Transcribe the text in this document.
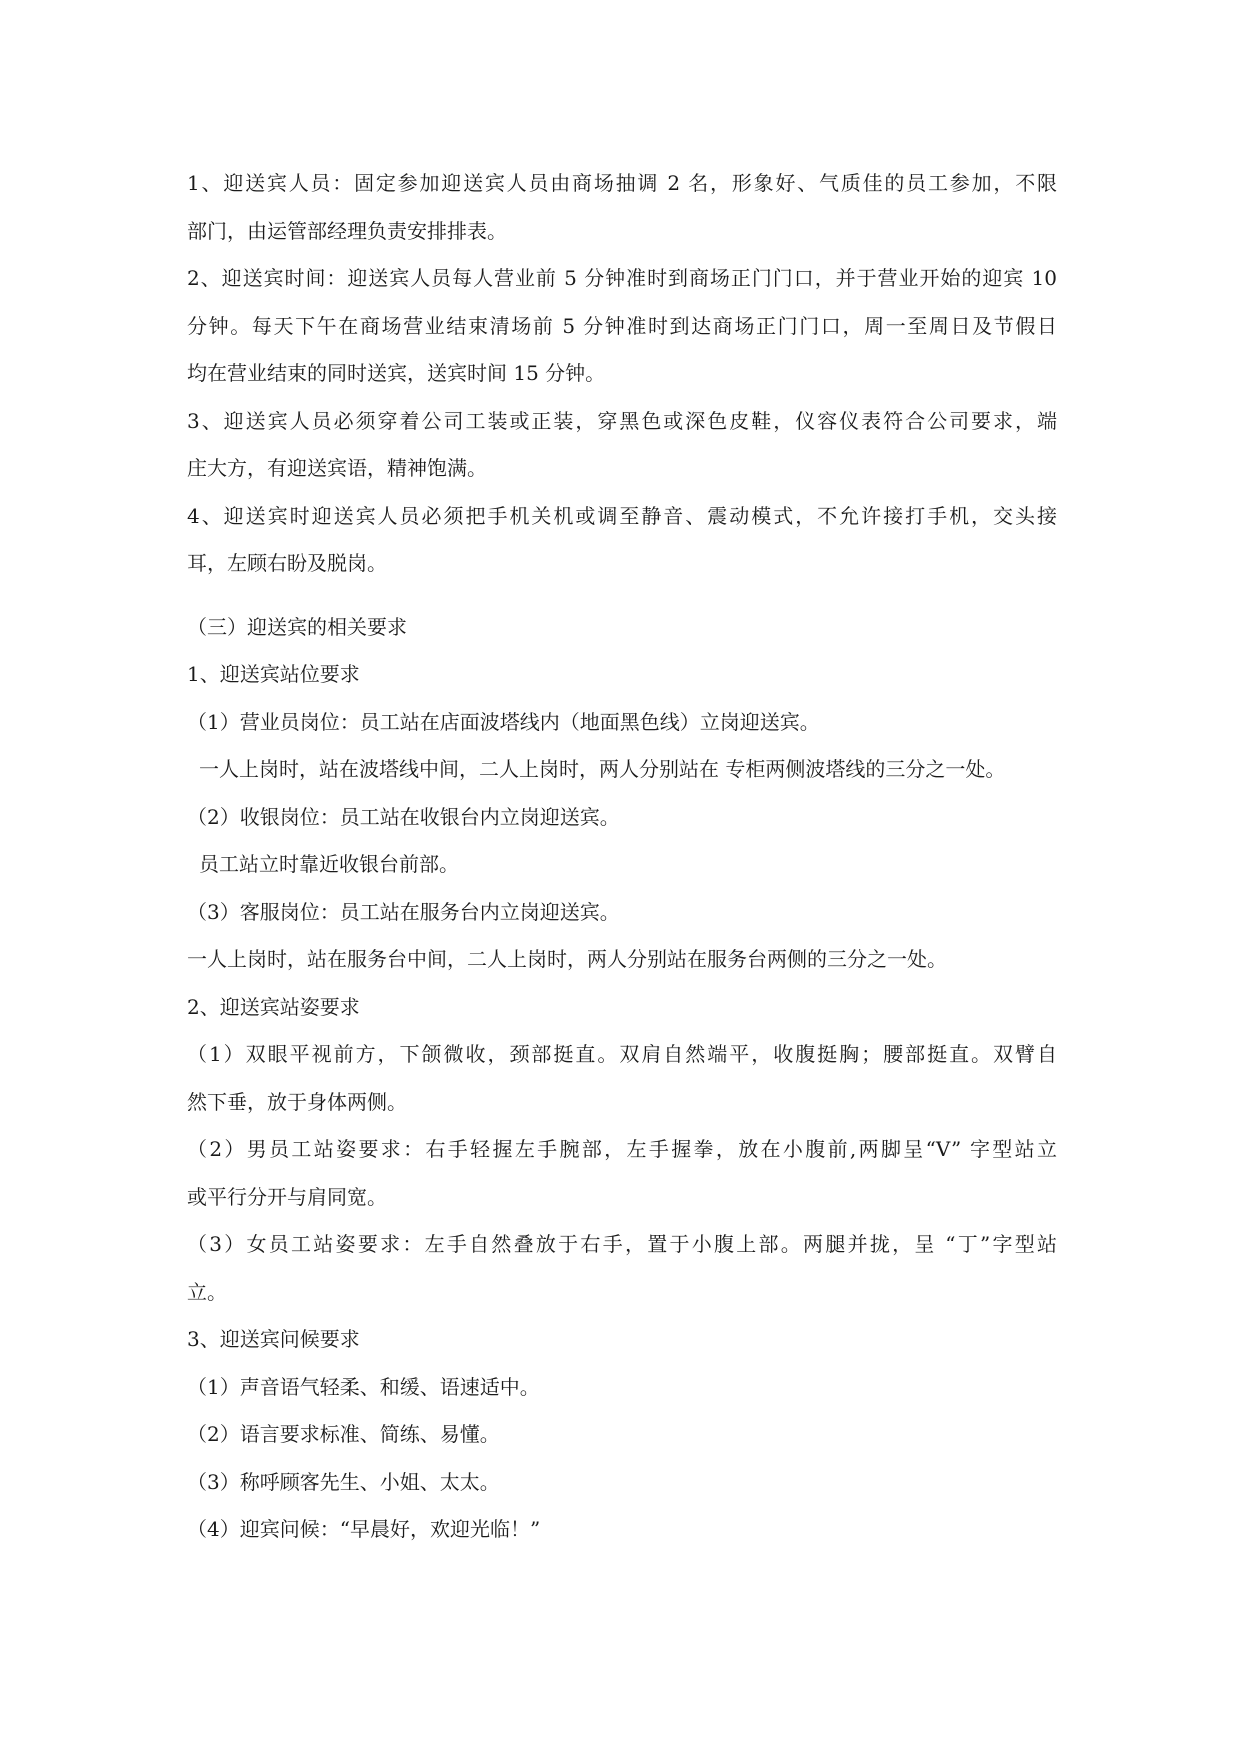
1、迎送宾人员：固定参加迎送宾人员由商场抽调 2 名，形象好、气质佳的员工参加，不限
部门，由运管部经理负责安排排表。
2、迎送宾时间：迎送宾人员每人营业前 5 分钟准时到商场正门门口，并于营业开始的迎宾 10
分钟。每天下午在商场营业结束清场前 5 分钟准时到达商场正门门口，周一至周日及节假日
均在营业结束的同时送宾，送宾时间 15 分钟。
3、迎送宾人员必须穿着公司工装或正装，穿黑色或深色皮鞋，仪容仪表符合公司要求，端
庄大方，有迎送宾语，精神饱满。
4、迎送宾时迎送宾人员必须把手机关机或调至静音、震动模式，不允许接打手机，交头接
耳，左顾右盼及脱岗。
（三）迎送宾的相关要求
1、迎送宾站位要求
（1）营业员岗位：员工站在店面波塔线内（地面黑色线）立岗迎送宾。
一人上岗时，站在波塔线中间，二人上岗时，两人分别站在 专柜两侧波塔线的三分之一处。
（2）收银岗位：员工站在收银台内立岗迎送宾。
员工站立时靠近收银台前部。
（3）客服岗位：员工站在服务台内立岗迎送宾。
一人上岗时，站在服务台中间，二人上岗时，两人分别站在服务台两侧的三分之一处。
2、迎送宾站姿要求
（1）双眼平视前方，下颌微收，颈部挺直。双肩自然端平，收腹挺胸；腰部挺直。双臂自
然下垂，放于身体两侧。
（2）男员工站姿要求：右手轻握左手腕部，左手握拳，放在小腹前,两脚呈“V” 字型站立
或平行分开与肩同宽。
（3）女员工站姿要求：左手自然叠放于右手，置于小腹上部。两腿并拢，呈 “丁”字型站
立。
3、迎送宾问候要求
（1）声音语气轻柔、和缓、语速适中。
（2）语言要求标准、简练、易懂。
（3）称呼顾客先生、小姐、太太。
（4）迎宾问候：“早晨好，欢迎光临！”
